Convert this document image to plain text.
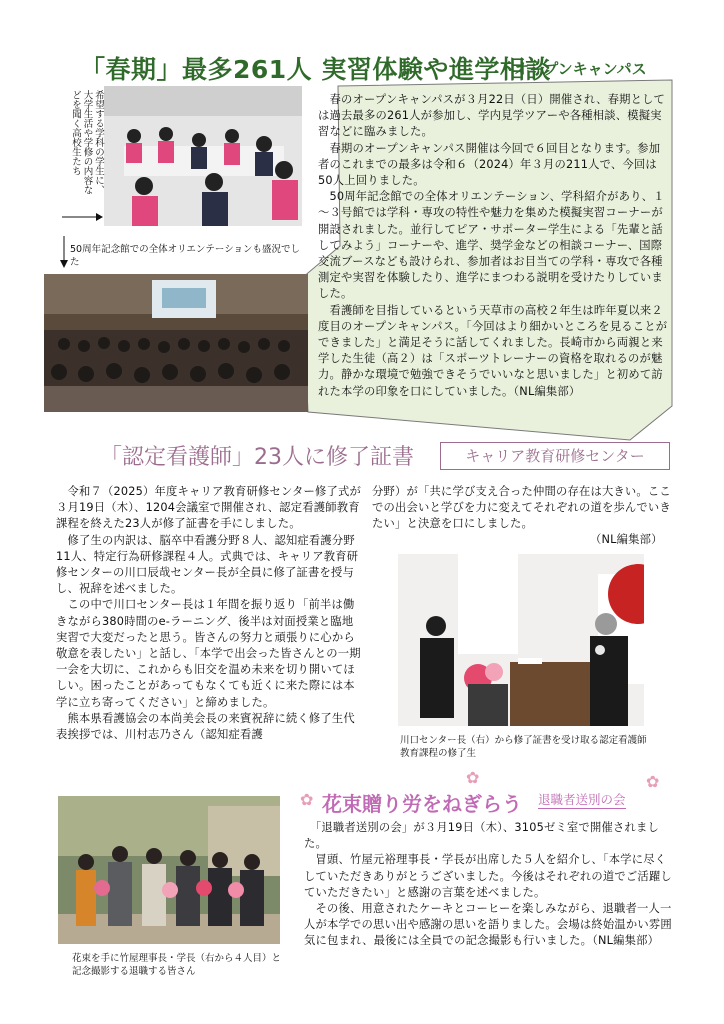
「春期」最多261人 実習体験や進学相談
オープンキャンパス
希望する学科の学生に、
大学生活や学修の内容な
どを聞く高校生たち
50周年記念館での全体オリエンテーションも盛況でした
　春のオープンキャンパスが３月22日（日）開催され、春期としては過去最多の261人が参加し、学内見学ツアーや各種相談、模擬実習などに臨みました。
　春期のオープンキャンパス開催は今回で６回目となります。参加者のこれまでの最多は令和６（2024）年３月の211人で、今回は50人上回りました。
　50周年記念館での全体オリエンテーション、学科紹介があり、１～３号館では学科・専攻の特性や魅力を集めた模擬実習コーナーが開設されました。並行してピア・サポーター学生による「先輩と話してみよう」コーナーや、進学、奨学金などの相談コーナー、国際交流ブースなども設けられ、参加者はお目当ての学科・専攻で各種測定や実習を体験したり、進学にまつわる説明を受けたりしていました。
　看護師を目指しているという天草市の高校２年生は昨年夏以来２度目のオープンキャンパス。「今回はより細かいところを見ることができました」と満足そうに話してくれました。長崎市から両親と来学した生徒（高２）は「スポーツトレーナーの資格を取れるのが魅力。静かな環境で勉強できそうでいいなと思いました」と初めて訪れた本学の印象を口にしていました。（NL編集部）
「認定看護師」23人に修了証書	キャリア教育研修センター
　令和７（2025）年度キャリア教育研修センター修了式が３月19日（木）、1204会議室で開催され、認定看護師教育課程を終えた23人が修了証書を手にしました。
　修了生の内訳は、脳卒中看護分野８人、認知症看護分野11人、特定行為研修課程４人。式典では、キャリア教育研修センターの川口辰哉センター長が全員に修了証書を授与し、祝辞を述べました。
　この中で川口センター長は１年間を振り返り「前半は働きながら380時間のe-ラーニング、後半は対面授業と臨地実習で大変だったと思う。皆さんの努力と頑張りに心から敬意を表したい」と話し、「本学で出会った皆さんとの一期一会を大切に、これからも旧交を温め未来を切り開いてほしい。困ったことがあってもなくても近くに来た際には本学に立ち寄ってください」と締めました。
　熊本県看護協会の本尚美会長の来賓祝辞に続く修了生代表挨拶では、川村志乃さん（認知症看護
分野）が「共に学び支え合った仲間の存在は大きい。ここでの出会いと学びを力に変えてそれぞれの道を歩んでいきたい」と決意を口にしました。
（NL編集部）
川口センター長（右）から修了証書を受け取る認定看護師教育課程の修了生
✿
✿	✿
花束贈り労をねぎらう 退職者送別の会
花束を手に竹屋理事長・学長（右から４人目）と記念撮影する退職する皆さん
　「退職者送別の会」が３月19日（木）、3105ゼミ室で開催されました。
　冒頭、竹屋元裕理事長・学長が出席した５人を紹介し、「本学に尽くしていただきありがとうございました。今後はそれぞれの道でご活躍していただきたい」と感謝の言葉を述べました。
　その後、用意されたケーキとコーヒーを楽しみながら、退職者一人一人が本学での思い出や感謝の思いを語りました。会場は終始温かい雰囲気に包まれ、最後には全員での記念撮影も行いました。（NL編集部）
